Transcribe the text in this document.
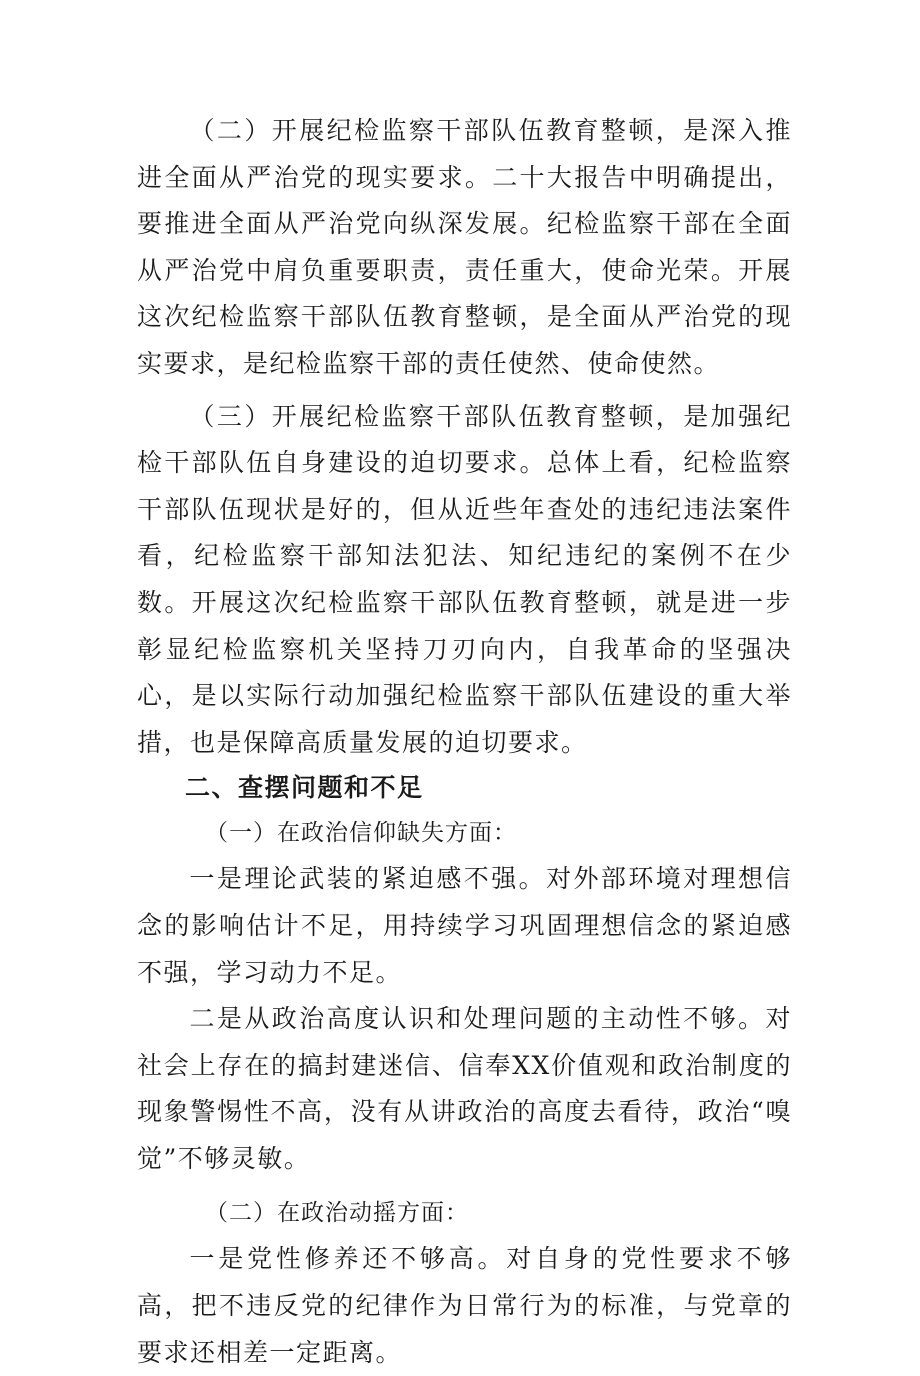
（二）开展纪检监察干部队伍教育整顿，是深入推进全面从严治党的现实要求。二十大报告中明确提出，要推进全面从严治党向纵深发展。纪检监察干部在全面从严治党中肩负重要职责，责任重大，使命光荣。开展这次纪检监察干部队伍教育整顿，是全面从严治党的现实要求，是纪检监察干部的责任使然、使命使然。

（三）开展纪检监察干部队伍教育整顿，是加强纪检干部队伍自身建设的迫切要求。总体上看，纪检监察干部队伍现状是好的，但从近些年查处的违纪违法案件看，纪检监察干部知法犯法、知纪违纪的案例不在少数。开展这次纪检监察干部队伍教育整顿，就是进一步彰显纪检监察机关坚持刀刃向内，自我革命的坚强决心，是以实际行动加强纪检监察干部队伍建设的重大举措，也是保障高质量发展的迫切要求。

二、查摆问题和不足

（一）在政治信仰缺失方面：

一是理论武装的紧迫感不强。对外部环境对理想信念的影响估计不足，用持续学习巩固理想信念的紧迫感不强，学习动力不足。

二是从政治高度认识和处理问题的主动性不够。对社会上存在的搞封建迷信、信奉XX价值观和政治制度的现象警惕性不高，没有从讲政治的高度去看待，政治“嗅觉”不够灵敏。

（二）在政治动摇方面：

一是党性修养还不够高。对自身的党性要求不够高，把不违反党的纪律作为日常行为的标准，与党章的要求还相差一定距离。
